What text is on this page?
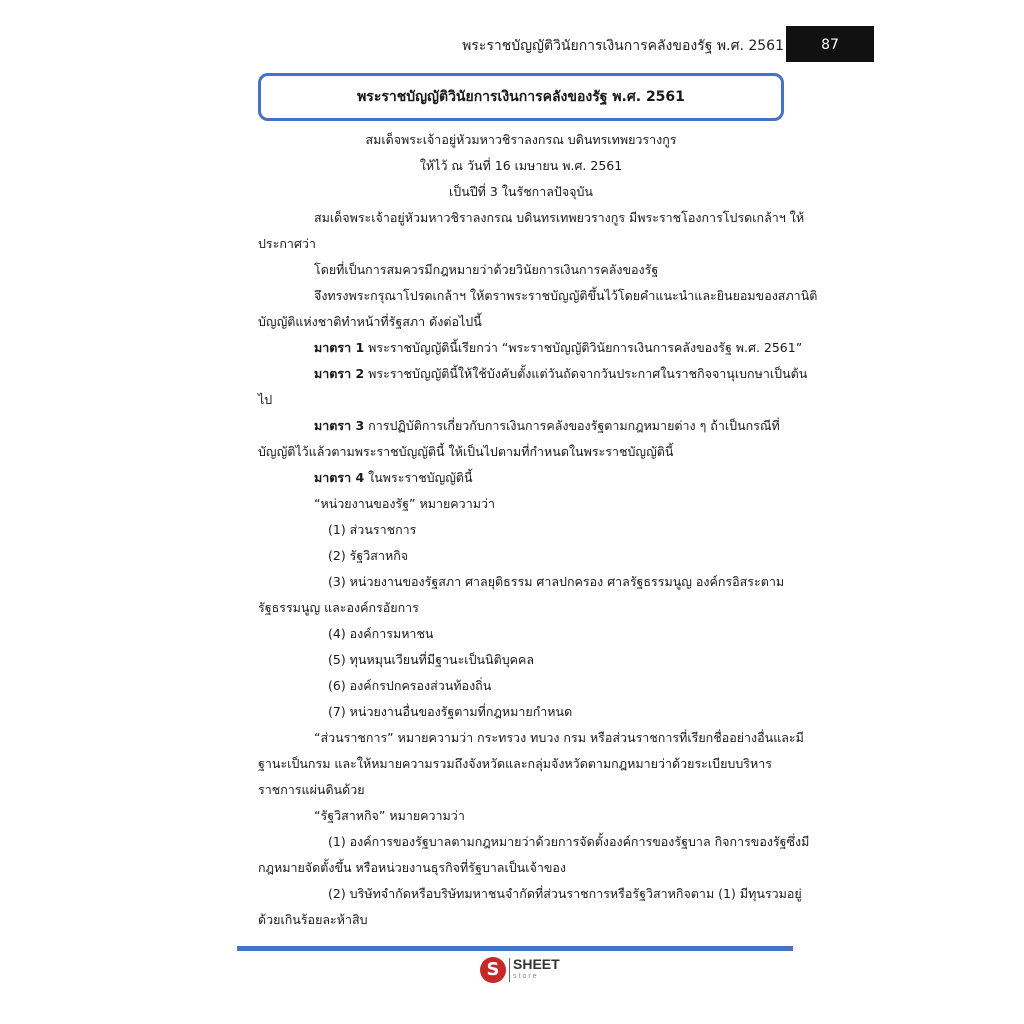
พระราชบัญญัติวินัยการเงินการคลังของรัฐ พ.ศ. 2561	87
พระราชบัญญัติวินัยการเงินการคลังของรัฐ พ.ศ. 2561
สมเด็จพระเจ้าอยู่หัวมหาวชิราลงกรณ บดินทรเทพยวรางกูร
ให้ไว้ ณ วันที่ 16 เมษายน พ.ศ. 2561
เป็นปีที่ 3 ในรัชกาลปัจจุบัน
สมเด็จพระเจ้าอยู่หัวมหาวชิราลงกรณ บดินทรเทพยวรางกูร มีพระราชโองการโปรดเกล้าฯ ให้
ประกาศว่า
โดยที่เป็นการสมควรมีกฎหมายว่าด้วยวินัยการเงินการคลังของรัฐ
จึงทรงพระกรุณาโปรดเกล้าฯ ให้ตราพระราชบัญญัติขึ้นไว้โดยคำแนะนำและยินยอมของสภานิติ
บัญญัติแห่งชาติทำหน้าที่รัฐสภา ดังต่อไปนี้
มาตรา 1 พระราชบัญญัตินี้เรียกว่า “พระราชบัญญัติวินัยการเงินการคลังของรัฐ พ.ศ. 2561”
มาตรา 2 พระราชบัญญัตินี้ให้ใช้บังคับตั้งแต่วันถัดจากวันประกาศในราชกิจจานุเบกษาเป็นต้น
ไป
มาตรา 3 การปฏิบัติการเกี่ยวกับการเงินการคลังของรัฐตามกฎหมายต่าง ๆ ถ้าเป็นกรณีที่
บัญญัติไว้แล้วตามพระราชบัญญัตินี้ ให้เป็นไปตามที่กำหนดในพระราชบัญญัตินี้
มาตรา 4 ในพระราชบัญญัตินี้
“หน่วยงานของรัฐ” หมายความว่า
(1) ส่วนราชการ
(2) รัฐวิสาหกิจ
(3) หน่วยงานของรัฐสภา ศาลยุติธรรม ศาลปกครอง ศาลรัฐธรรมนูญ องค์กรอิสระตาม
รัฐธรรมนูญ และองค์กรอัยการ
(4) องค์การมหาชน
(5) ทุนหมุนเวียนที่มีฐานะเป็นนิติบุคคล
(6) องค์กรปกครองส่วนท้องถิ่น
(7) หน่วยงานอื่นของรัฐตามที่กฎหมายกำหนด
“ส่วนราชการ” หมายความว่า กระทรวง ทบวง กรม หรือส่วนราชการที่เรียกชื่ออย่างอื่นและมี
ฐานะเป็นกรม และให้หมายความรวมถึงจังหวัดและกลุ่มจังหวัดตามกฎหมายว่าด้วยระเบียบบริหาร
ราชการแผ่นดินด้วย
“รัฐวิสาหกิจ” หมายความว่า
(1) องค์การของรัฐบาลตามกฎหมายว่าด้วยการจัดตั้งองค์การของรัฐบาล กิจการของรัฐซึ่งมี
กฎหมายจัดตั้งขึ้น หรือหน่วยงานธุรกิจที่รัฐบาลเป็นเจ้าของ
(2) บริษัทจำกัดหรือบริษัทมหาชนจำกัดที่ส่วนราชการหรือรัฐวิสาหกิจตาม (1) มีทุนรวมอยู่
ด้วยเกินร้อยละห้าสิบ
S SHEET
store
